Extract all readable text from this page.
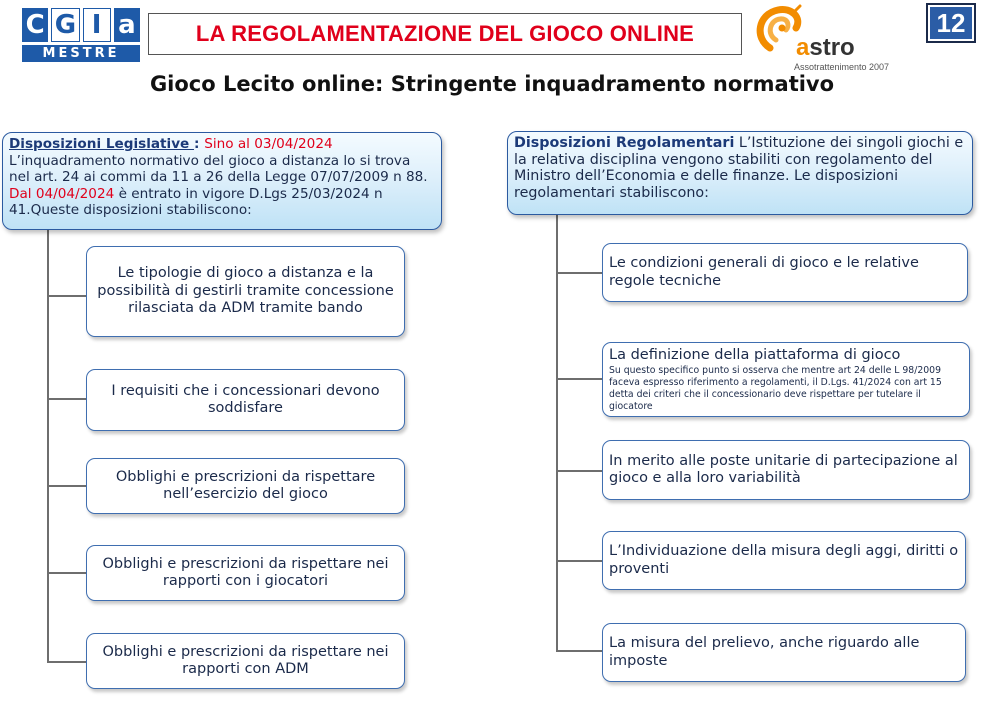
C G I a
MESTRE
LA REGOLAMENTAZIONE DEL GIOCO ONLINE
astro
Assotrattenimento 2007
12
Gioco Lecito online: Stringente inquadramento normativo
Disposizioni Legislative : Sino al 03/04/2024
L’inquadramento normativo del gioco a distanza lo si trova nel art. 24 ai commi da 11 a 26 della Legge 07/07/2009 n 88. Dal 04/04/2024 è entrato in vigore D.Lgs 25/03/2024 n 41.Queste disposizioni stabiliscono:
Le tipologie di gioco a distanza e la possibilità di gestirli tramite concessione rilasciata da ADM tramite bando
I requisiti che i concessionari devono soddisfare
Obblighi e prescrizioni da rispettare nell’esercizio del gioco
Obblighi e prescrizioni da rispettare nei rapporti con i giocatori
Obblighi e prescrizioni da rispettare nei rapporti con ADM
Disposizioni Regolamentari L’Istituzione dei singoli giochi e la relativa disciplina vengono stabiliti con regolamento del Ministro dell’Economia e delle finanze. Le disposizioni regolamentari stabiliscono:
Le condizioni generali di gioco e le relative regole tecniche
La definizione della piattaforma di gioco
Su questo specifico punto si osserva che mentre art 24 delle L 98/2009 faceva espresso riferimento a regolamenti, il D.Lgs. 41/2024 con art 15 detta dei criteri che il concessionario deve rispettare per tutelare il giocatore
In merito alle poste unitarie di partecipazione al gioco e alla loro variabilità
L’Individuazione della misura degli aggi, diritti o proventi
La misura del prelievo, anche riguardo alle imposte
